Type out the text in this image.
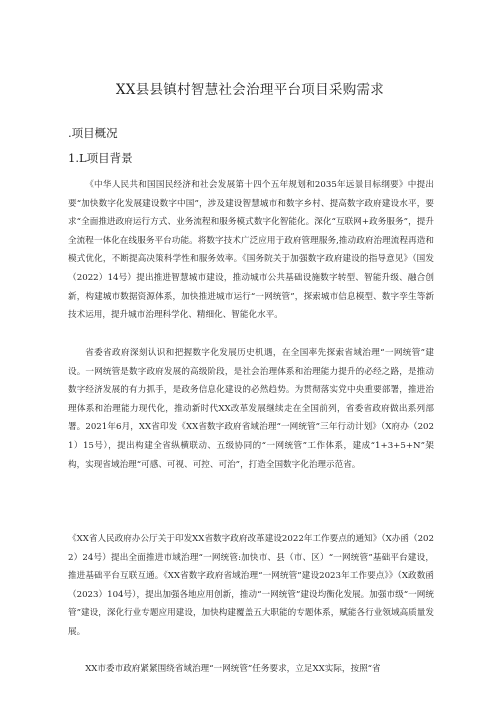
XX县县镇村智慧社会治理平台项目采购需求
.项目概况
1.L项目背景

《中华人民共和国国民经济和社会发展第十四个五年规划和2035年远景目标纲要》中提出要“加快数字化发展建设数字中国”，涉及建设智慧城市和数字乡村、提高数字政府建设水平，要求“全面推进政府运行方式、业务流程和服务模式数字化智能化。深化“互联网+政务服务”，提升全流程一体化在线服务平台功能。将数字技术广泛应用于政府管理服务,推动政府治理流程再造和模式优化，不断提高决策科学性和服务效率。《国务院关于加强数字政府建设的指导意见》（国发（2022）14号）提出推进智慧城市建设，推动城市公共基础设施数字转型、智能升级、融合创新，构建城市数据资源体系，加快推进城市运行“一网统管”，探索城市信息模型、数字孪生等新技术运用，提升城市治理科学化、精细化、智能化水平。

省委省政府深刻认识和把握数字化发展历史机遇，在全国率先探索省域治理“一网统管”建设。一网统管是数字政府发展的高级阶段，是社会治理体系和治理能力提升的必经之路，是推动数字经济发展的有力抓手，是政务信息化建设的必然趋势。为贯彻落实党中央重要部署，推进治理体系和治理能力现代化，推动新时代XX改革发展继续走在全国前列，省委省政府做出系列部署。2021年6月，XX省印发《XX省数字政府省域治理“一网统管”三年行动计划》（X府办（2021）15号），提出构建全省纵横联动、五级协同的“一网统管”工作体系，建成“1+3+5+N”架构，实现省域治理“可感、可视、可控、可治”，打造全国数字化治理示范省。

《XX省人民政府办公厅关于印发XX省数字政府改革建设2022年工作要点的通知》（X办函（2022）24号）提出全面推进市域治理“一网统管:加快市、县（市、区）“一网统管”基础平台建设，推进基础平台互联互通。《XX省数字政府省域治理“一网统管”建设2023年工作要点》》（X政数函（2023）104号），提出加强各地应用创新，推动“一网统管”建设均衡化发展。加强市级“一网统管”建设，深化行业专题应用建设，加快构建覆盖五大职能的专题体系，赋能各行业领域高质量发展。

XX市委市政府紧紧围绕省域治理“一网统管”任务要求，立足XX实际，按照“省
